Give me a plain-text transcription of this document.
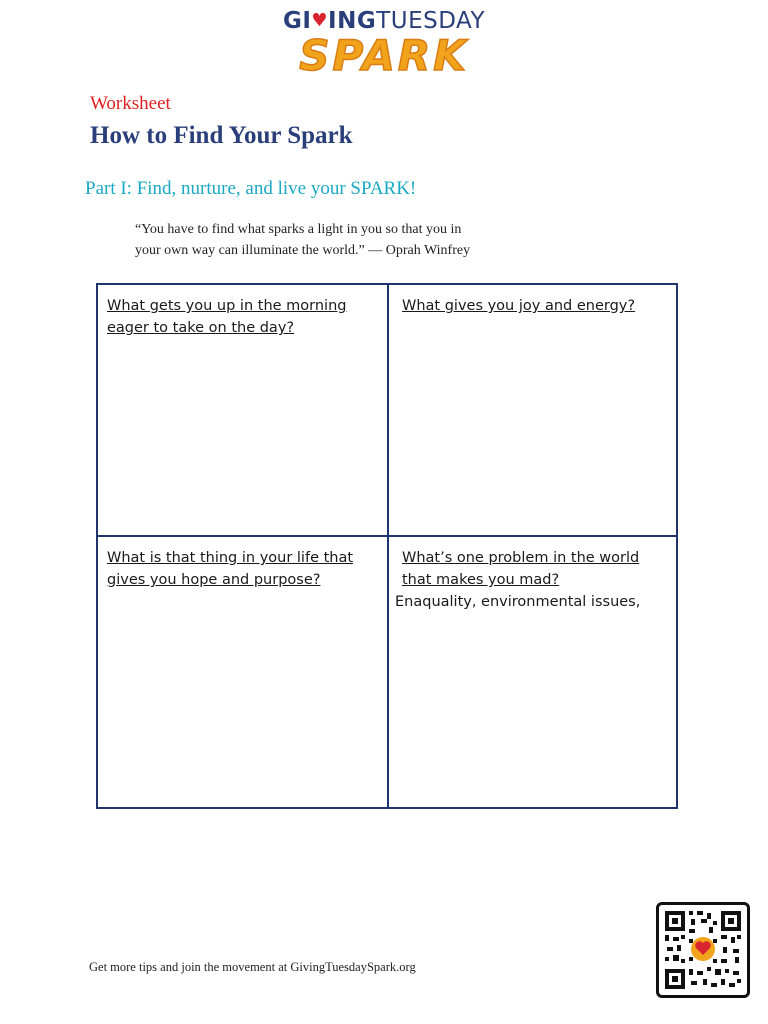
GI♥INGTUESDAY
SPARK
Worksheet
How to Find Your Spark
Part I: Find, nurture, and live your SPARK!
“You have to find what sparks a light in you so that you in
your own way can illuminate the world.” — Oprah Winfrey
What gets you up in the morning
eager to take on the day?
What gives you joy and energy?
What is that thing in your life that
gives you hope and purpose?
What’s one problem in the world
that makes you mad?
Enaquality, environmental issues,
Get more tips and join the movement at GivingTuesdaySpark.org
